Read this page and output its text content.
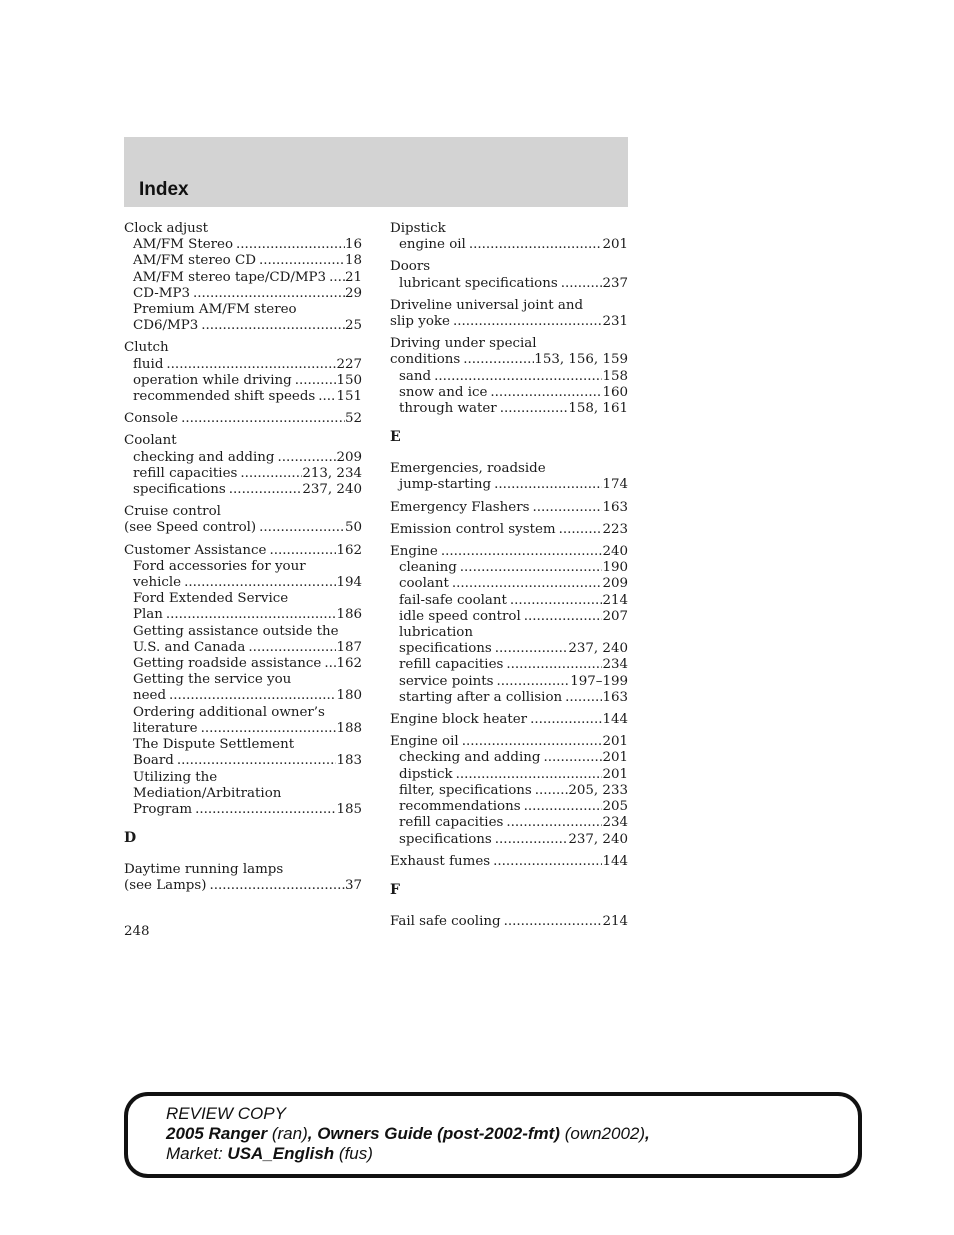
Index
Clock adjust
AM/FM Stereo .....	16
AM/FM stereo CD .....	18
AM/FM stereo tape/CD/MP3 ..... 21
CD-MP3 .....	29
Premium AM/FM stereo
CD6/MP3 .....	25
Clutch
fluid .....	227
operation while driving .....	150
recommended shift speeds ..... 151
Console .....	52
Coolant
checking and adding .....	209
refill capacities .....	213, 234
specifications .....	237, 240
Cruise control
(see Speed control) .....	50
Customer Assistance .....	162
Ford accessories for your
vehicle .....	194
Ford Extended Service
Plan .....	186
Getting assistance outside the
U.S. and Canada .....	187
Getting roadside assistance ..... 162
Getting the service you
need .....	180
Ordering additional owner’s
literature .....	188
The Dispute Settlement
Board .....	183
Utilizing the
Mediation/Arbitration
Program .....	185
D
Daytime running lamps
(see Lamps) .....	37
Dipstick
engine oil .....	201
Doors
lubricant specifications .....	237
Driveline universal joint and
slip yoke .....	231
Driving under special
conditions .....	153, 156, 159
sand .....	158
snow and ice .....	160
through water .....	158, 161
E
Emergencies, roadside
jump-starting .....	174
Emergency Flashers .....	163
Emission control system .....	223
Engine .....	240
cleaning .....	190
coolant .....	209
fail-safe coolant .....	214
idle speed control .....	207
lubrication
specifications .....	237, 240
refill capacities .....	234
service points .....	197–199
starting after a collision .....	163
Engine block heater .....	144
Engine oil .....	201
checking and adding .....	201
dipstick .....	201
filter, specifications .....	205, 233
recommendations .....	205
refill capacities .....	234
specifications .....	237, 240
Exhaust fumes .....	144
F
Fail safe cooling .....	214
248
REVIEW COPY
2005 Ranger (ran), Owners Guide (post-2002-fmt) (own2002),
Market: USA_English (fus)
